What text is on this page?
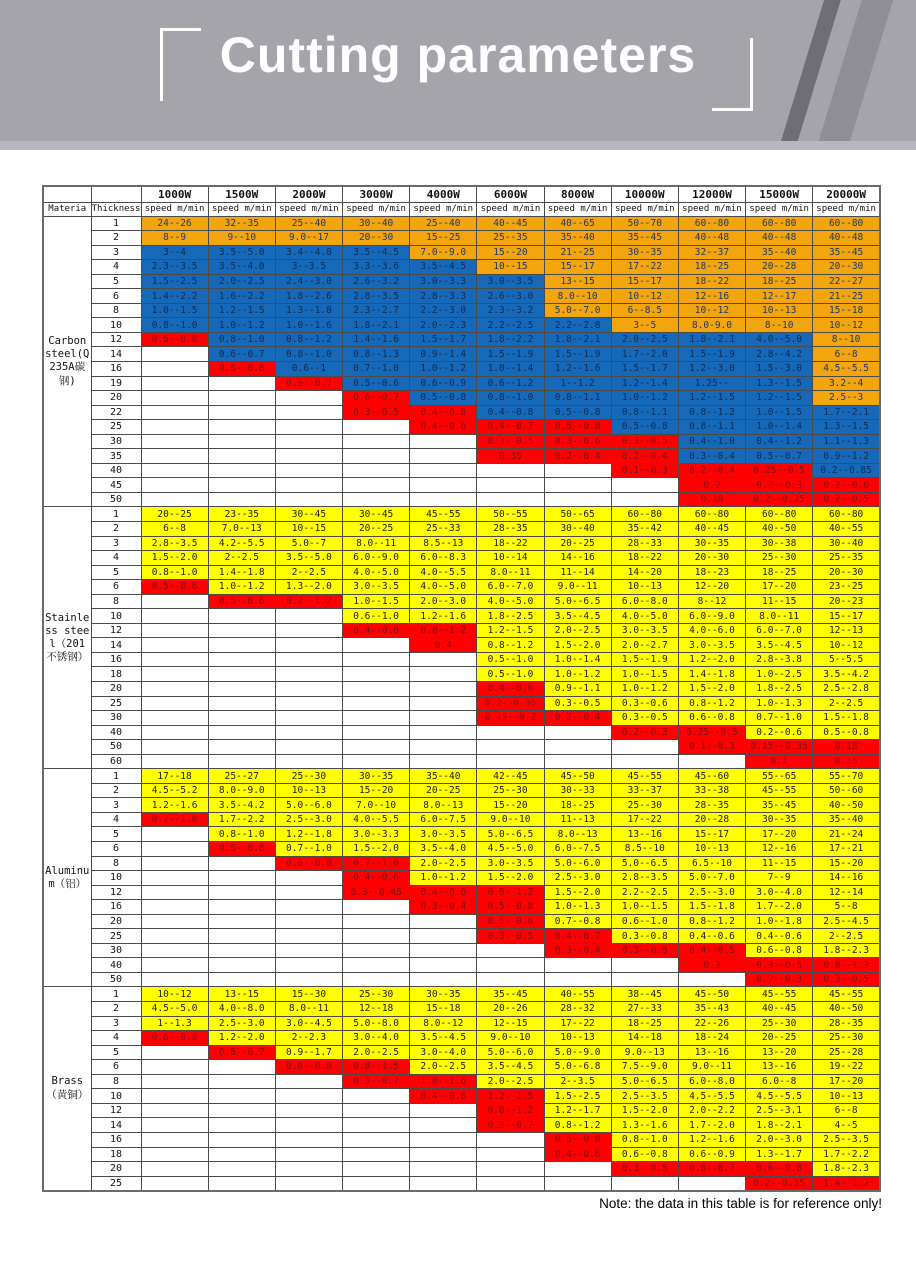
Cutting parameters
		1000W	1500W	2000W	3000W	4000W	6000W	8000W	10000W	12000W	15000W	20000W
Materia	Thickness	speed m/min	speed m/min	speed m/min	speed m/min	speed m/min	speed m/min	speed m/min	speed m/min	speed m/min	speed m/min	speed m/min
Carbon steel(Q235A碳钢)	1	24--26	32--35	25--40	30--40	25--40	40--45	40--65	50--70	60--80	60--80	60--80
	2	8--9	9--10	9.0--17	20--30	15--25	25--35	35--40	35--45	40--48	40--48	40--48
	3	3--4	3.5--5.0	3.4--4.8	3.5--4.5	7.0--9.0	15--20	21--25	30--35	32--37	35--40	35--45
	4	2.3--3.5	3.5--4.0	3--3.5	3.3--3.6	3.5--4.5	10--15	15--17	17--22	18--25	20--28	20--30
	5	1.5--2.5	2.0--2.5	2.4--3.0	2.6--3.2	3.0--3.3	3.0--3.5	13--15	15--17	18--22	18--25	22--27
	6	1.4--2.2	1.6--2.2	1.8--2.6	2.8--3.5	2.8--3.3	2.6--3.0	8.0--10	10--12	12--16	12--17	21--25
	8	1.0--1.5	1.2--1.5	1.3--1.8	2.3--2.7	2.2--3.0	2.3--3.2	5.0--7.0	6--8.5	10--12	10--13	15--18
	10	0.8--1.0	1.0--1.2	1.0--1.6	1.8--2.1	2.0--2.3	2.2--2.5	2.2--2.8	3--5	8.0-9.0	8--10	10--12
	12	0.6--0.8	0.8--1.0	0.8--1.2	1.4--1.6	1.5--1.7	1.8--2.2	1.8--2.1	2.0--2.5	1.8--2.1	4.0--5.0	8--10
	14		0.6--0.7	0.8--1.0	0.8--1.3	0.9--1.4	1.5--1.9	1.5--1.9	1.7--2.0	1.5--1.9	2.8--4.2	6--8
	16		0.5--0.6	0.6--1	0.7--1.0	1.0--1.2	1.0--1.4	1.2--1.6	1.5--1.7	1.2--3.0	1.5--3.0	4.5--5.5
	19			0.5--0.7	0.5--0.6	0.6--0.9	0.6--1.2	1--1.2	1.2--1.4	1.25--	1.3--1.5	3.2--4
	20				0.6--0.7	0.5--0.8	0.8--1.0	0.8--1.1	1.0--1.2	1.2--1.5	1.2--1.5	2.5--3
	22				0.3--0.5	0.4--0.8	0.4--0.8	0.5--0.8	0.8--1.1	0.8--1.2	1.0--1.5	1.7--2.1
	25					0.4--0.6	0.4--0.7	0.5--0.8	0.5--0.8	0.8--1.1	1.0--1.4	1.3--1.5
	30						0.3--0.5	0.3--0.6	0.3--0.5	0.4--1.0	0.4--1.2	1.1--1.3
	35						0.35	0.2--0.4	0.2--0.4	0.3--0.4	0.5--0.7	0.9--1.2
	40								0.1--0.3	0.2--0.4	0.25--0.5	0.2--0.85
	45									0.2	0.2--0.3	0.2--0.6
	50									0.18	0.2--0.25	0.2--0.5
Stainless steel（201不锈钢）	1	20--25	23--35	30--45	30--45	45--55	50--55	50--65	60--80	60--80	60--80	60--80
	2	6--8	7.0--13	10--15	20--25	25--33	28--35	30--40	35--42	40--45	40--50	40--55
	3	2.8--3.5	4.2--5.5	5.0--7	8.0--11	8.5--13	18--22	20--25	28--33	30--35	30--38	30--40
	4	1.5--2.0	2--2.5	3.5--5.0	6.0--9.0	6.0--8.3	10--14	14--16	18--22	20--30	25--30	25--35
	5	0.8--1.0	1.4--1.8	2--2.5	4.0--5.0	4.0--5.5	8.0--11	11--14	14--20	18--23	18--25	20--30
	6	0.5--0.6	1.0--1.2	1.3--2.0	3.0--3.5	4.0--5.0	6.0--7.0	9.0--11	10--13	12--20	17--20	23--25
	8		0.5--0.6	0.7--1.2	1.0--1.5	2.0--3.0	4.0--5.0	5.0--6.5	6.0--8.0	8--12	11--15	20--23
	10				0.6--1.0	1.2--1.6	1.8--2.5	3.5--4.5	4.0--5.0	6.0--9.0	8.0--11	15--17
	12				0.4--0.6	0.8--1.2	1.2--1.5	2.0--2.5	3.0--3.5	4.0--6.0	6.0--7.0	12--13
	14					0.4	0.8--1.2	1.5--2.0	2.0--2.7	3.0--3.5	3.5--4.5	10--12
	16						0.5--1.0	1.0--1.4	1.5--1.9	1.2--2.0	2.8--3.8	5--5.5
	18						0.5--1.0	1.0--1.2	1.0--1.5	1.4--1.8	1.0--2.5	3.5--4.2
	20						0.4--0.6	0.9--1.1	1.0--1.2	1.5--2.0	1.8--2.5	2.5--2.8
	25						0.2--0.35	0.3--0.5	0.3--0.6	0.8--1.2	1.0--1.3	2--2.5
	30						0.15--0.2	0.2--0.4	0.3--0.5	0.6--0.8	0.7--1.0	1.5--1.8
	40								0.2--0.3	0.25--0.5	0.2--0.6	0.5--0.8
	50									0.1--0.3	0.15--0.35	0.18
	60										0.1	0.15
Aluminum（铝）	1	17--18	25--27	25--30	30--35	35--40	42--45	45--50	45--55	45--60	55--65	55--70
	2	4.5--5.2	8.0--9.0	10--13	15--20	20--25	25--30	30--33	33--37	33--38	45--55	50--60
	3	1.2--1.6	3.5--4.2	5.0--6.0	7.0--10	8.0--13	15--20	18--25	25--30	28--35	35--45	40--50
	4	0.7--1.0	1.7--2.2	2.5--3.0	4.0--5.5	6.0--7.5	9.0--10	11--13	17--22	20--28	30--35	35--40
	5		0.8--1.0	1.2--1.8	3.0--3.3	3.0--3.5	5.0--6.5	8.0--13	13--16	15--17	17--20	21--24
	6		0.5--0.6	0.7--1.0	1.5--2.0	3.5--4.0	4.5--5.0	6.0--7.5	8.5--10	10--13	12--16	17--21
	8			0.6--0.8	0.7--1.0	2.0--2.5	3.0--3.5	5.0--6.0	5.0--6.5	6.5--10	11--15	15--20
	10				0.4--0.6	1.0--1.2	1.5--2.0	2.5--3.0	2.8--3.5	5.0--7.0	7--9	14--16
	12				0.3--0.45	0.4--0.6	0.9--1.2	1.5--2.0	2.2--2.5	2.5--3.0	3.0--4.0	12--14
	16					0.3--0.4	0.5--0.8	1.0--1.3	1.0--1.5	1.5--1.8	1.7--2.0	5--8
	20						0.5--0.6	0.7--0.8	0.6--1.0	0.8--1.2	1.0--1.8	2.5--4.5
	25						0.3--0.5	0.4--0.7	0.3--0.8	0.4--0.6	0.4--0.6	2--2.5
	30							0.3--0.4	0.3--0.5	0.4--0.5	0.6--0.8	1.8--2.3
	40									0.3	0.3--0.5	0.8--1.2
	50										0.2--0.3	0.3--0.5
Brass（黄铜）	1	10--12	13--15	15--30	25--30	30--35	35--45	40--55	38--45	45--50	45--55	45--55
	2	4.5--5.0	4.0--8.0	8.0--11	12--18	15--18	20--26	28--32	27--33	35--43	40--45	40--50
	3	1--1.3	2.5--3.0	3.0--4.5	5.0--8.0	8.0--12	12--15	17--22	18--25	22--26	25--30	28--35
	4	0.6--0.8	1.2--2.0	2--2.3	3.0--4.0	3.5--4.5	9.0--10	10--13	14--18	18--24	20--25	25--30
	5		0.5--0.7	0.9--1.7	2.0--2.5	3.0--4.0	5.0--6.0	5.0--9.0	9.0--13	13--16	13--20	25--28
	6			0.6--0.8	0.8--1.5	2.0--2.5	3.5--4.5	5.0--6.8	7.5--9.0	9.0--11	13--16	19--22
	8				0.5--0.7	1.0--1.6	2.0--2.5	2--3.5	5.0--6.5	6.0--8.0	6.0--8	17--20
	10					0.4--0.6	1.2--1.5	1.5--2.5	2.5--3.5	4.5--5.5	4.5--5.5	10--13
	12						0.8--1.2	1.2--1.7	1.5--2.0	2.0--2.2	2.5--3.1	6--8
	14						0.5--0.7	0.8--1.2	1.3--1.6	1.7--2.0	1.8--2.1	4--5
	16							0.5--0.8	0.8--1.0	1.2--1.6	2.0--3.0	2.5--3.5
	18							0.4--0.6	0.6--0.8	0.6--0.9	1.3--1.7	1.7--2.2
	20								0.3--0.5	0.6--0.7	0.6--0.8	1.8--2.3
	25										0.2--0.35	1.4--1.7
Note: the data in this table is for reference only!
